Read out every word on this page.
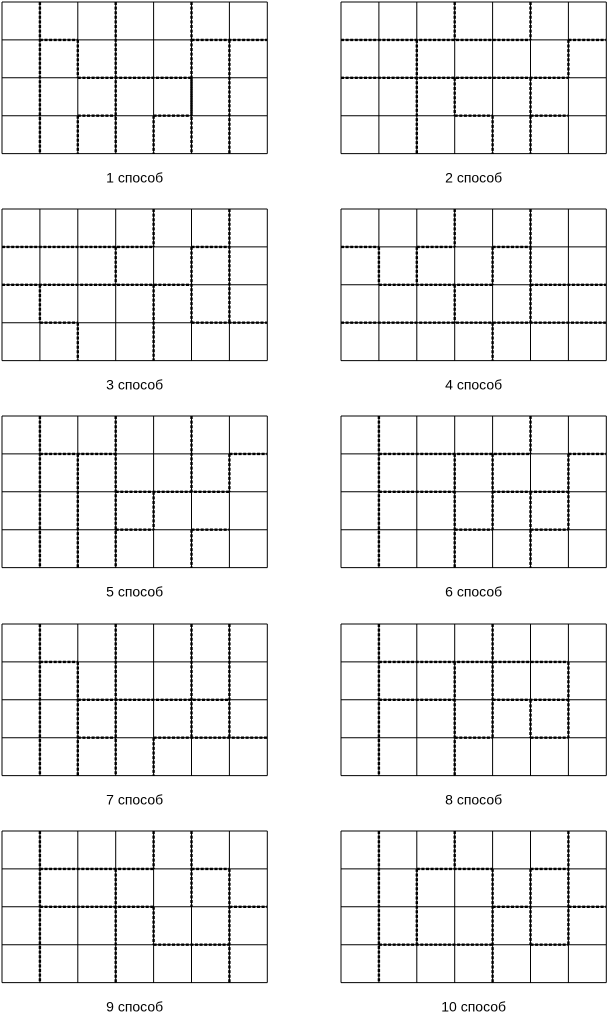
1 способ	2 способ
3 способ	4 способ
5 способ	6 способ
7 способ	8 способ
9 способ	10 способ
